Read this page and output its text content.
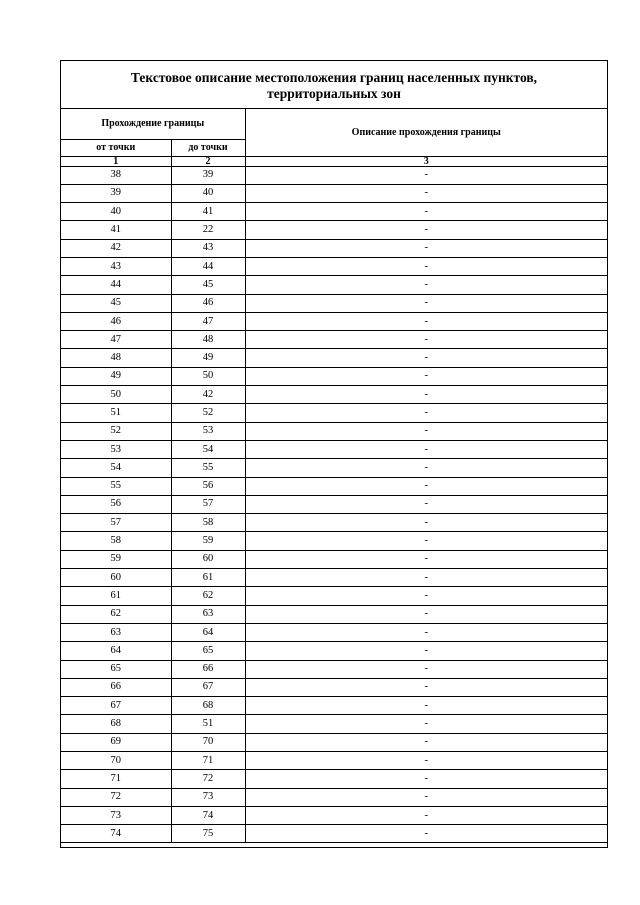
Текстовое описание местоположения границ населенных пунктов,
территориальных зон
Прохождение границы		Описание прохождения границы
от точки	до точки	
1	2	3
38	39	-
39	40	-
40	41	-
41	22	-
42	43	-
43	44	-
44	45	-
45	46	-
46	47	-
47	48	-
48	49	-
49	50	-
50	42	-
51	52	-
52	53	-
53	54	-
54	55	-
55	56	-
56	57	-
57	58	-
58	59	-
59	60	-
60	61	-
61	62	-
62	63	-
63	64	-
64	65	-
65	66	-
66	67	-
67	68	-
68	51	-
69	70	-
70	71	-
71	72	-
72	73	-
73	74	-
74	75	-
